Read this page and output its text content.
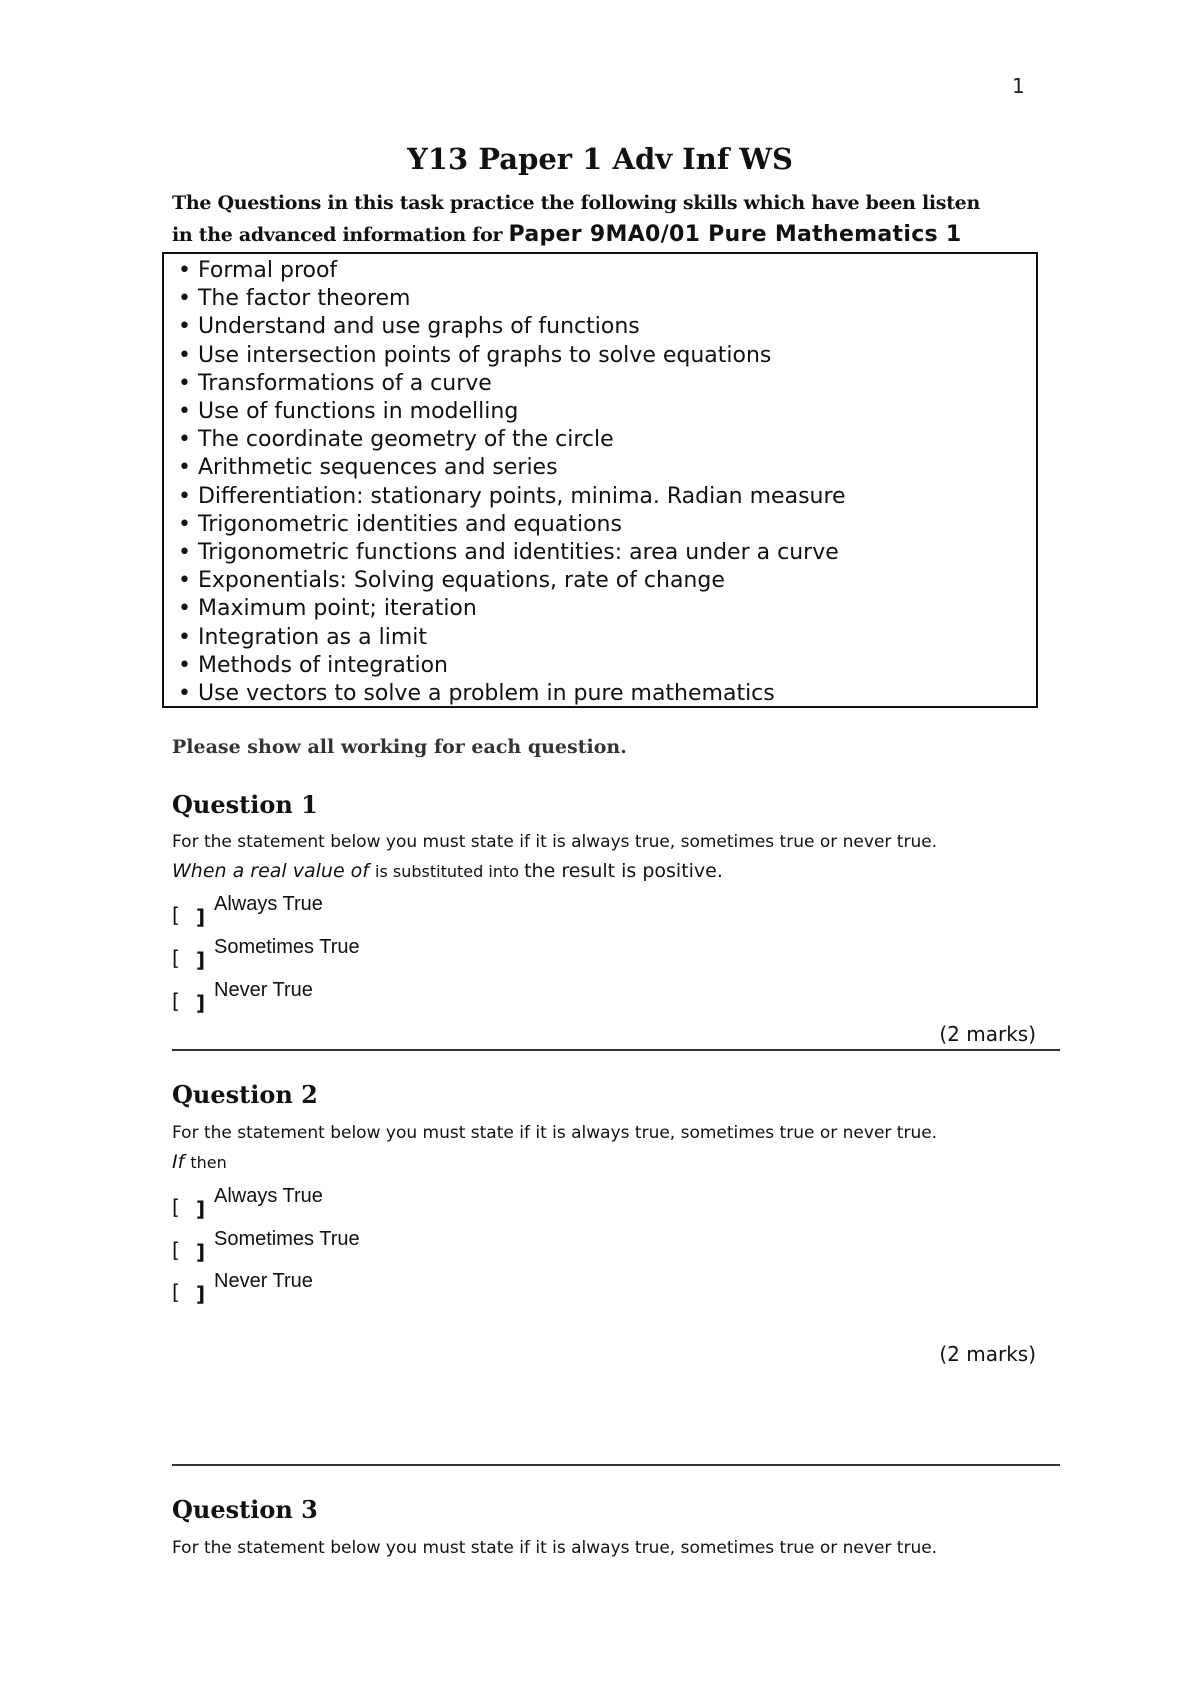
1
Y13 Paper 1 Adv Inf WS
The Questions in this task practice the following skills which have been listen
in the advanced information for Paper 9MA0/01 Pure Mathematics 1
• Formal proof
• The factor theorem
• Understand and use graphs of functions
• Use intersection points of graphs to solve equations
• Transformations of a curve
• Use of functions in modelling
• The coordinate geometry of the circle
• Arithmetic sequences and series
• Differentiation: stationary points, minima. Radian measure
• Trigonometric identities and equations
• Trigonometric functions and identities: area under a curve
• Exponentials: Solving equations, rate of change
• Maximum point; iteration
• Integration as a limit
• Methods of integration
• Use vectors to solve a problem in pure mathematics
Please show all working for each question.
Question 1
For the statement below you must state if it is always true, sometimes true or never true.
When a real value of is substituted into the result is positive.
[ ]
Always True
[ ]
Sometimes True
[ ]
Never True
(2 marks)
Question 2
For the statement below you must state if it is always true, sometimes true or never true.
If then
[ ]
Always True
[ ]
Sometimes True
[ ]
Never True
(2 marks)
Question 3
For the statement below you must state if it is always true, sometimes true or never true.
